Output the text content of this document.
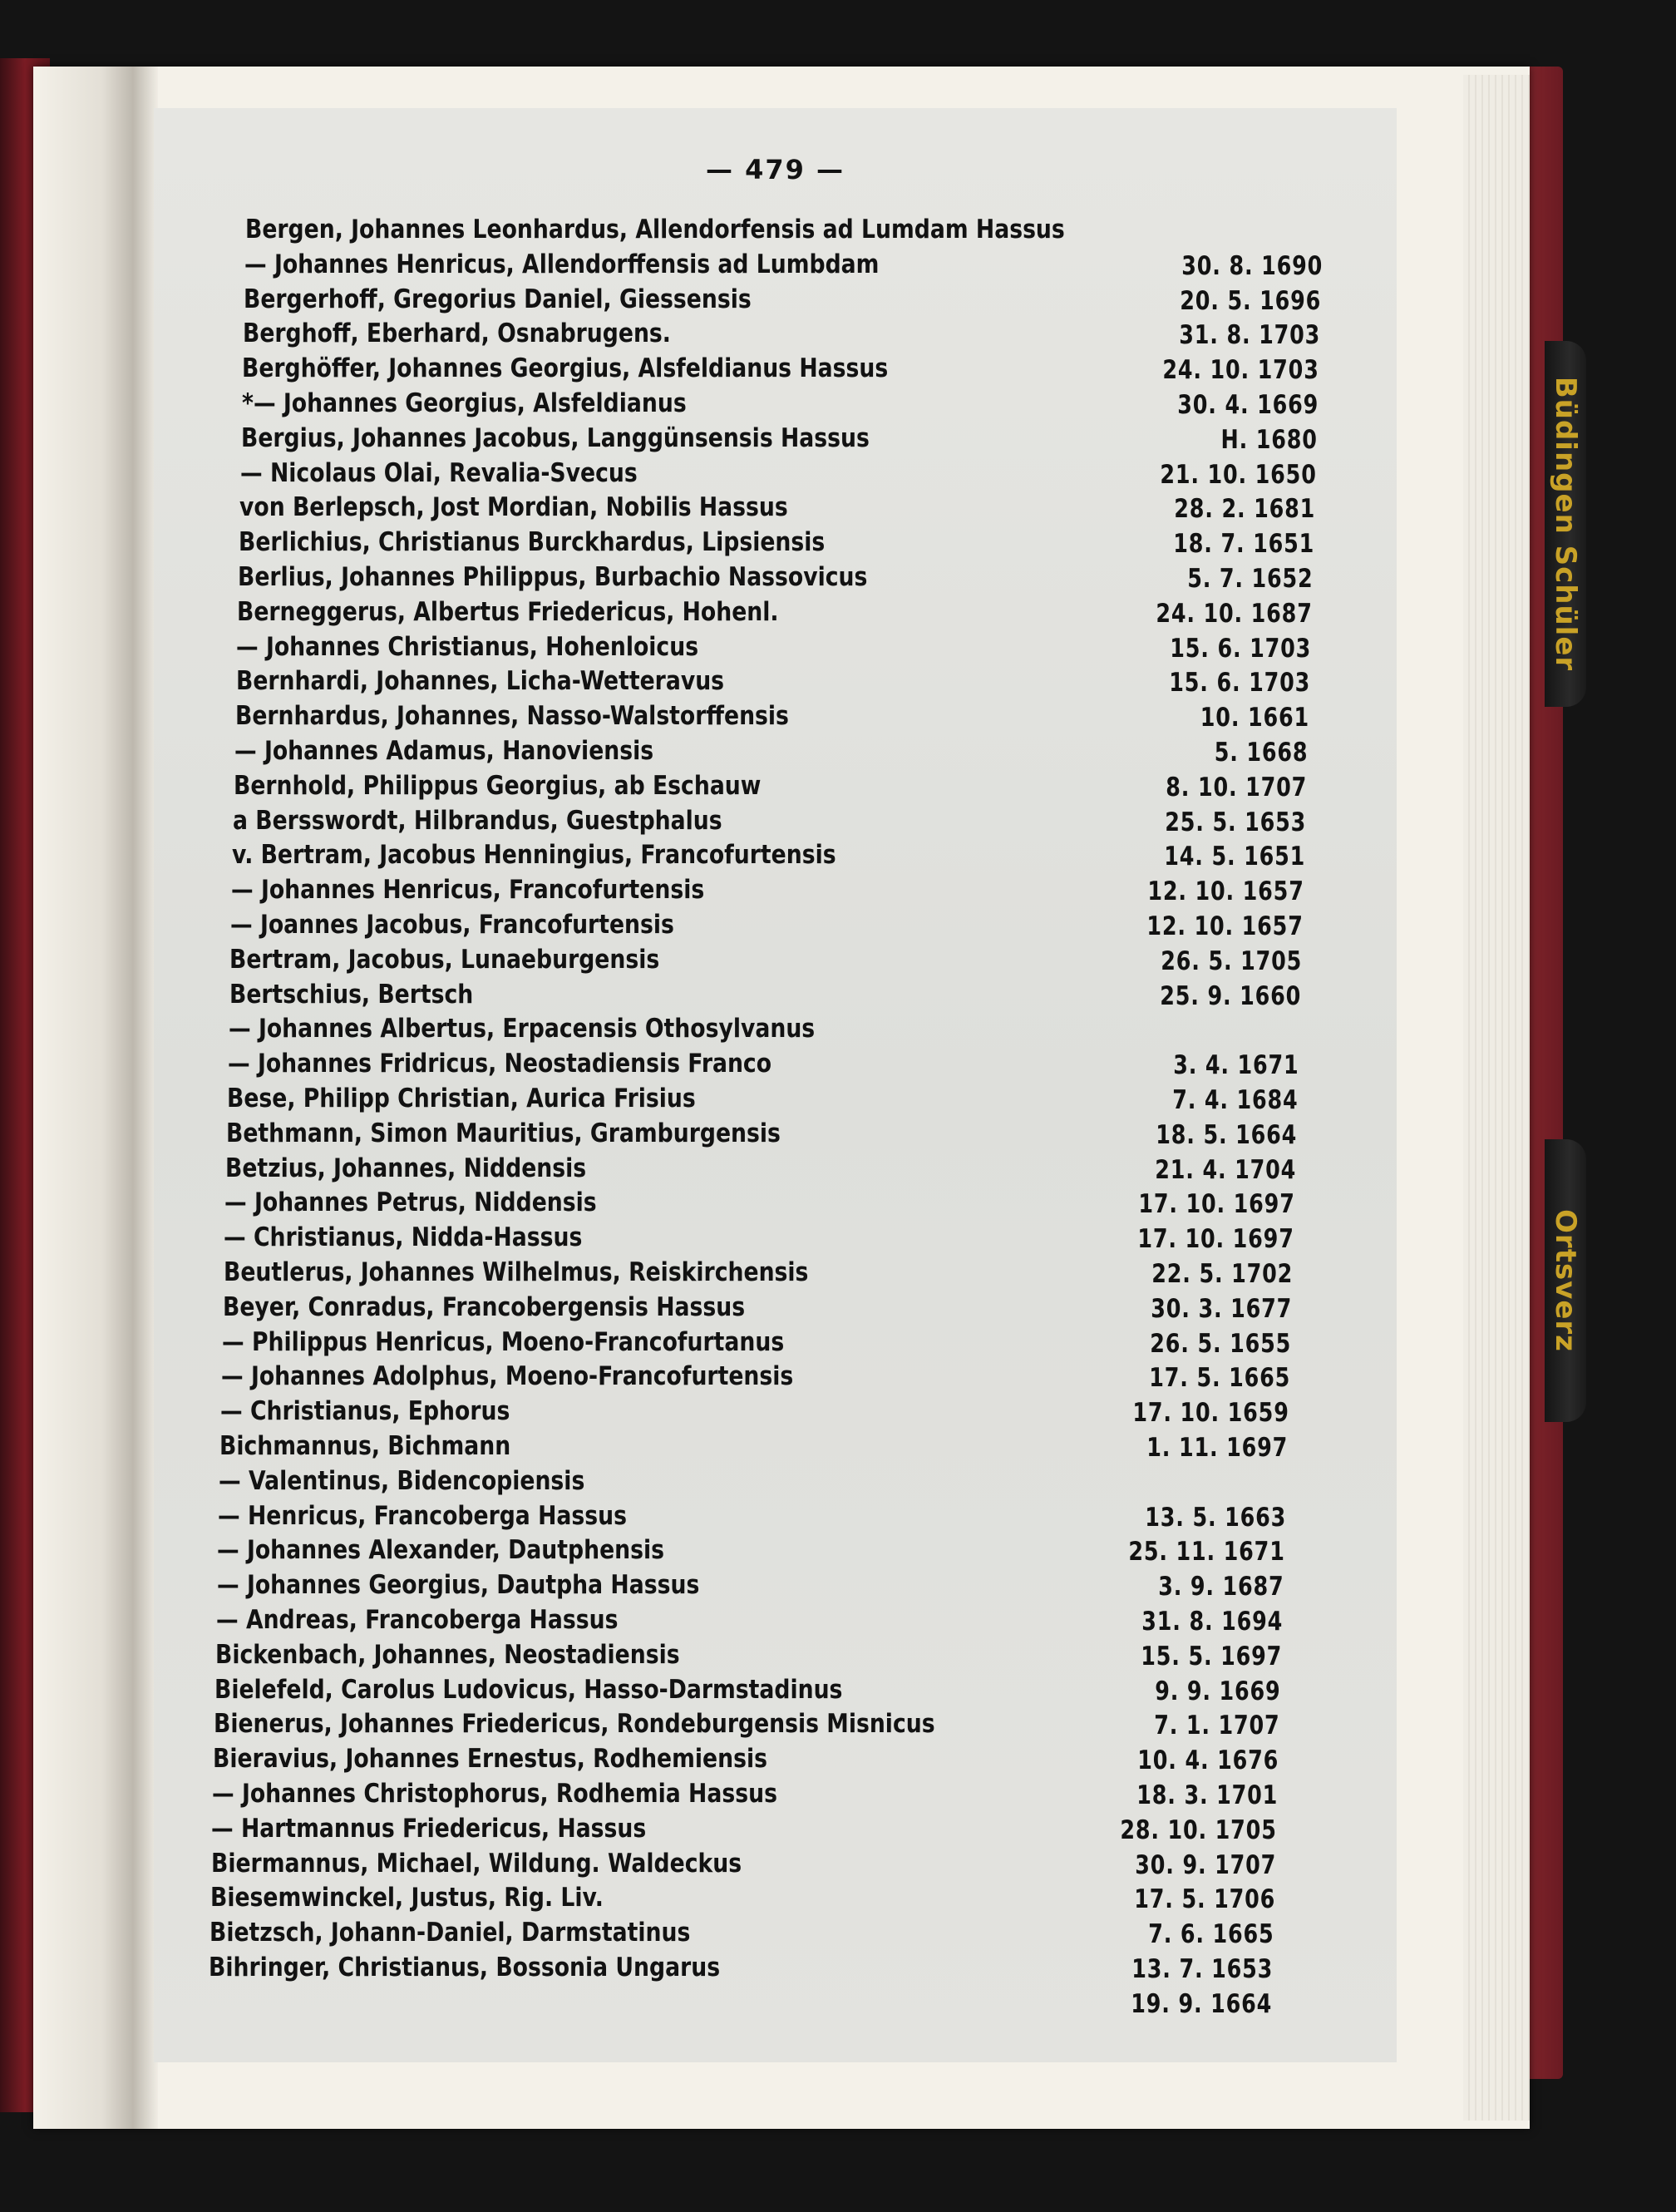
Büdingen Schüler
Ortsverz
— 479 —
Bergen, Johannes Leonhardus, Allendorfensis ad Lumdam Hassus
— Johannes Henricus, Allendorffensis ad Lumbdam	30. 8. 1690
Bergerhoff, Gregorius Daniel, Giessensis	20. 5. 1696
Berghoff, Eberhard, Osnabrugens.	31. 8. 1703
Berghöffer, Johannes Georgius, Alsfeldianus Hassus	24. 10. 1703
*— Johannes Georgius, Alsfeldianus	30. 4. 1669
Bergius, Johannes Jacobus, Langgünsensis Hassus	H. 1680
— Nicolaus Olai, Revalia-Svecus	21. 10. 1650
von Berlepsch, Jost Mordian, Nobilis Hassus	28. 2. 1681
Berlichius, Christianus Burckhardus, Lipsiensis	18. 7. 1651
Berlius, Johannes Philippus, Burbachio Nassovicus	5. 7. 1652
Berneggerus, Albertus Friedericus, Hohenl.	24. 10. 1687
— Johannes Christianus, Hohenloicus	15. 6. 1703
Bernhardi, Johannes, Licha-Wetteravus	15. 6. 1703
Bernhardus, Johannes, Nasso-Walstorffensis	10. 1661
— Johannes Adamus, Hanoviensis	5. 1668
Bernhold, Philippus Georgius, ab Eschauw	8. 10. 1707
a Bersswordt, Hilbrandus, Guestphalus	25. 5. 1653
v. Bertram, Jacobus Henningius, Francofurtensis	14. 5. 1651
— Johannes Henricus, Francofurtensis	12. 10. 1657
— Joannes Jacobus, Francofurtensis	12. 10. 1657
Bertram, Jacobus, Lunaeburgensis	26. 5. 1705
Bertschius, Bertsch	25. 9. 1660
— Johannes Albertus, Erpacensis Othosylvanus
— Johannes Fridricus, Neostadiensis Franco	3. 4. 1671
Bese, Philipp Christian, Aurica Frisius	7. 4. 1684
Bethmann, Simon Mauritius, Gramburgensis	18. 5. 1664
Betzius, Johannes, Niddensis	21. 4. 1704
— Johannes Petrus, Niddensis	17. 10. 1697
— Christianus, Nidda-Hassus	17. 10. 1697
Beutlerus, Johannes Wilhelmus, Reiskirchensis	22. 5. 1702
Beyer, Conradus, Francobergensis Hassus	30. 3. 1677
— Philippus Henricus, Moeno-Francofurtanus	26. 5. 1655
— Johannes Adolphus, Moeno-Francofurtensis	17. 5. 1665
— Christianus, Ephorus	17. 10. 1659
Bichmannus, Bichmann	1. 11. 1697
— Valentinus, Bidencopiensis
— Henricus, Francoberga Hassus	13. 5. 1663
— Johannes Alexander, Dautphensis	25. 11. 1671
— Johannes Georgius, Dautpha Hassus	3. 9. 1687
— Andreas, Francoberga Hassus	31. 8. 1694
Bickenbach, Johannes, Neostadiensis	15. 5. 1697
Bielefeld, Carolus Ludovicus, Hasso-Darmstadinus	9. 9. 1669
Bienerus, Johannes Friedericus, Rondeburgensis Misnicus	7. 1. 1707
Bieravius, Johannes Ernestus, Rodhemiensis	10. 4. 1676
— Johannes Christophorus, Rodhemia Hassus	18. 3. 1701
— Hartmannus Friedericus, Hassus	28. 10. 1705
Biermannus, Michael, Wildung. Waldeckus	30. 9. 1707
Biesemwinckel, Justus, Rig. Liv.	17. 5. 1706
Bietzsch, Johann-Daniel, Darmstatinus	7. 6. 1665
Bihringer, Christianus, Bossonia Ungarus	13. 7. 1653
19. 9. 1664
